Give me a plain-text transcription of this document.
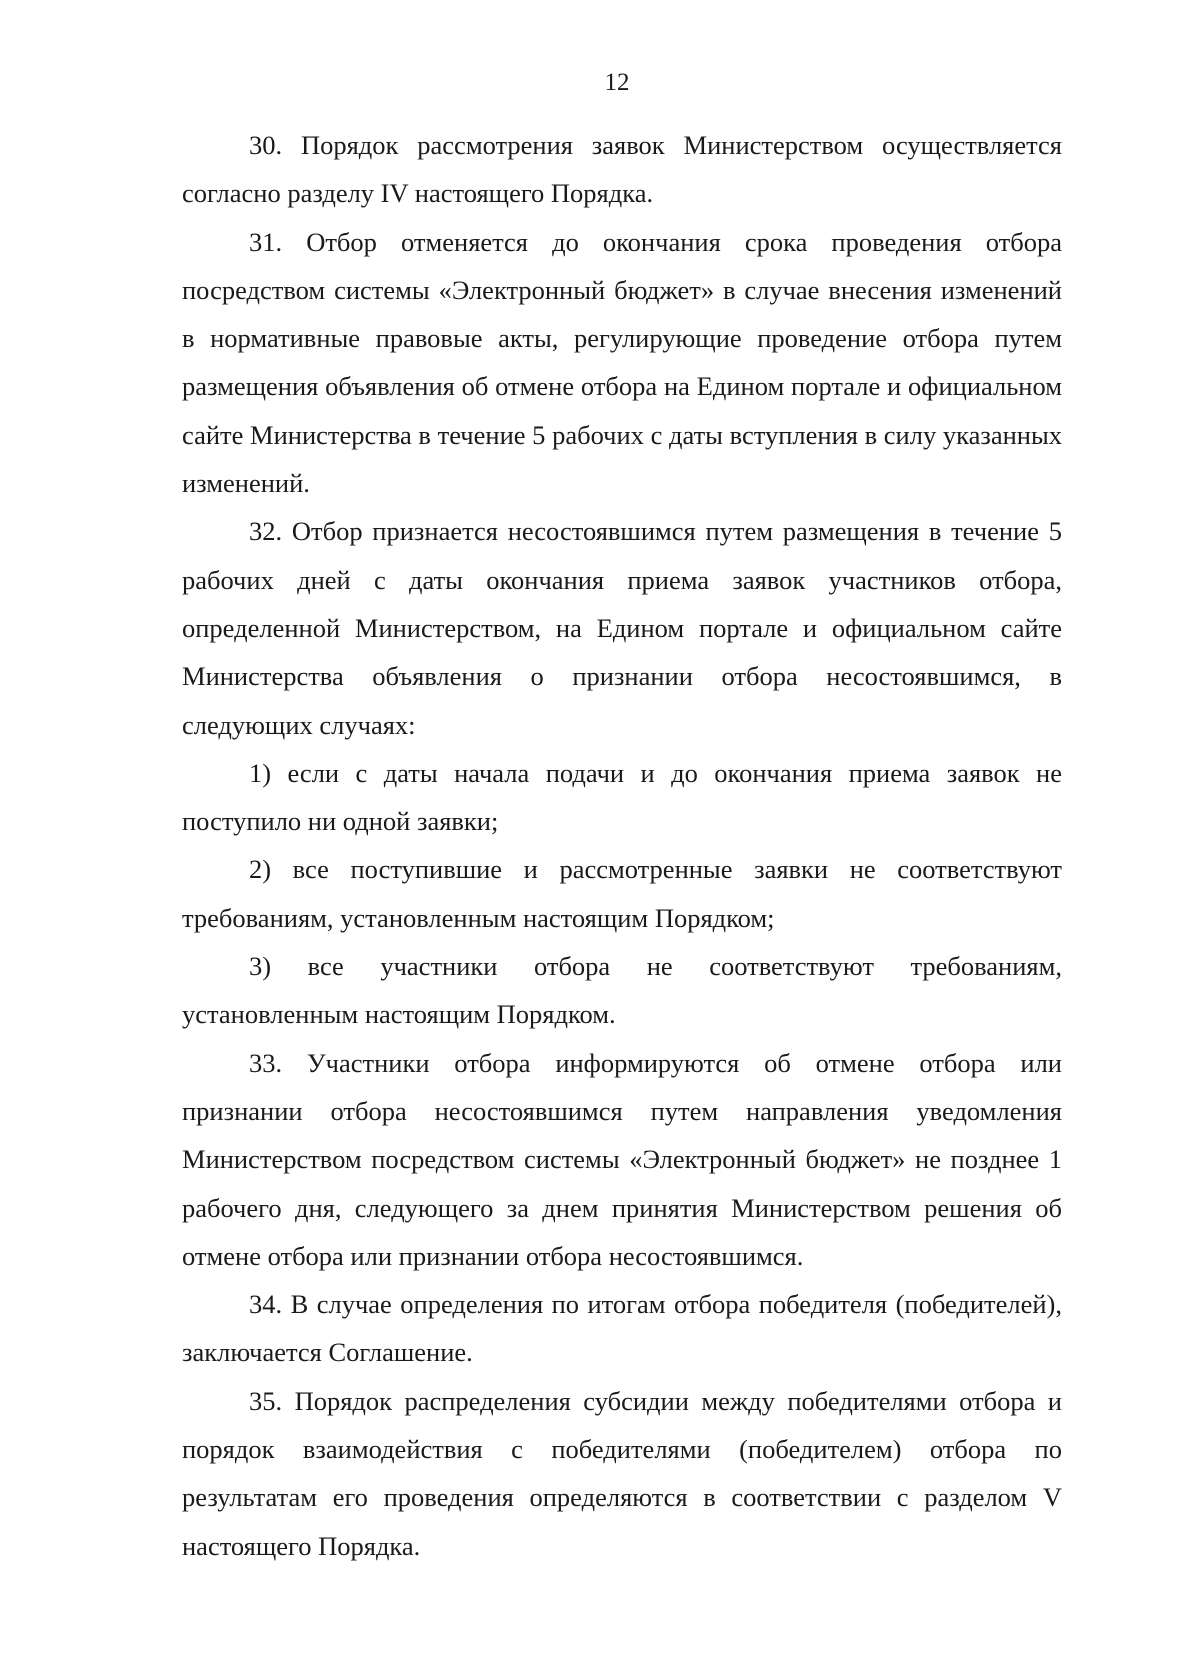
12

30. Порядок рассмотрения заявок Министерством осуществляется согласно разделу IV настоящего Порядка.

31. Отбор отменяется до окончания срока проведения отбора посредством системы «Электронный бюджет» в случае внесения изменений в нормативные правовые акты, регулирующие проведение отбора путем размещения объявления об отмене отбора на Едином портале и официальном сайте Министерства в течение 5 рабочих с даты вступления в силу указанных изменений.

32. Отбор признается несостоявшимся путем размещения в течение 5 рабочих дней с даты окончания приема заявок участников отбора, определенной Министерством, на Едином портале и официальном сайте Министерства объявления о признании отбора несостоявшимся, в следующих случаях:

1) если с даты начала подачи и до окончания приема заявок не поступило ни одной заявки;

2) все поступившие и рассмотренные заявки не соответствуют требованиям, установленным настоящим Порядком;

3) все участники отбора не соответствуют требованиям, установленным настоящим Порядком.

33. Участники отбора информируются об отмене отбора или признании отбора несостоявшимся путем направления уведомления Министерством посредством системы «Электронный бюджет» не позднее 1 рабочего дня, следующего за днем принятия Министерством решения об отмене отбора или признании отбора несостоявшимся.

34. В случае определения по итогам отбора победителя (победителей), заключается Соглашение.

35. Порядок распределения субсидии между победителями отбора и порядок взаимодействия с победителями (победителем) отбора по результатам его проведения определяются в соответствии с разделом V настоящего Порядка.
